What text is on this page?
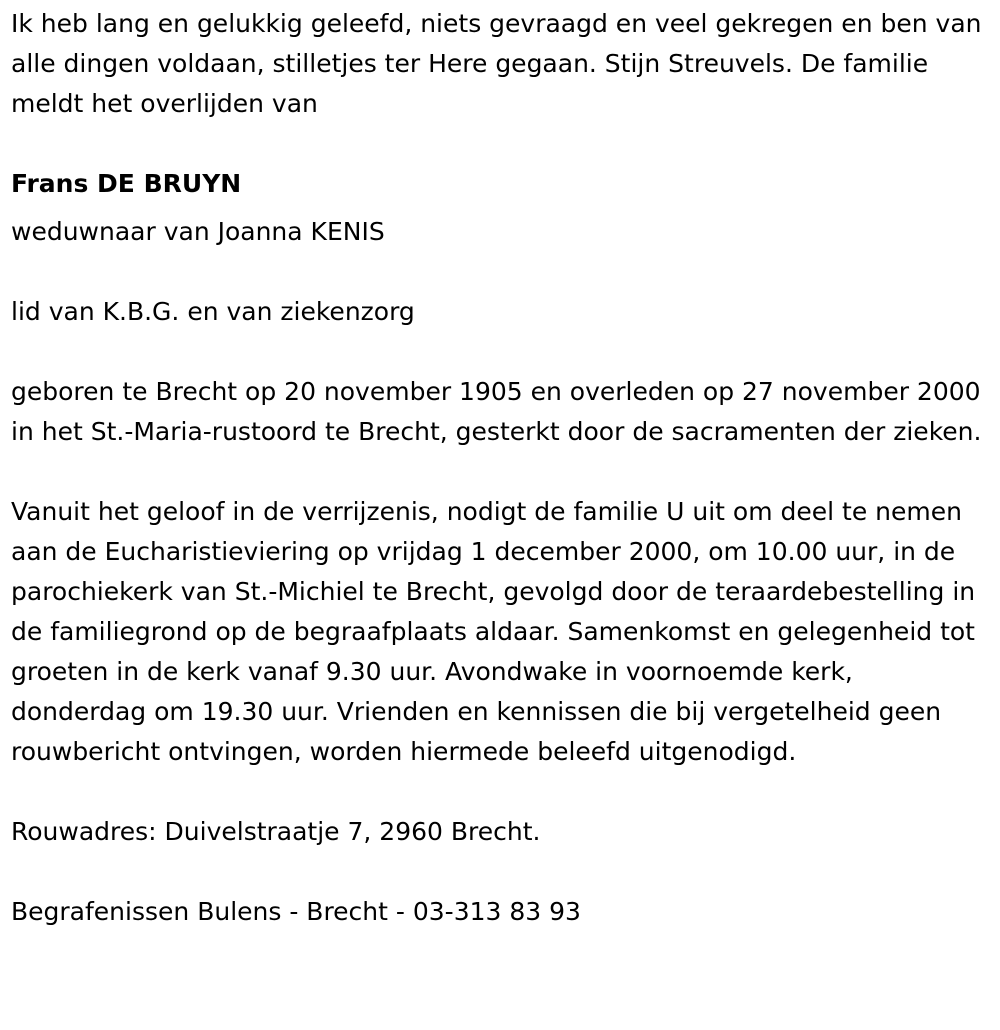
Ik heb lang en gelukkig geleefd, niets gevraagd en veel gekregen en ben van alle dingen voldaan, stilletjes ter Here gegaan. Stijn Streuvels. De familie meldt het overlijden van

Frans DE BRUYN

weduwnaar van Joanna KENIS

lid van K.B.G. en van ziekenzorg

geboren te Brecht op 20 november 1905 en overleden op 27 november 2000 in het St.-Maria-rustoord te Brecht, gesterkt door de sacramenten der zieken.

Vanuit het geloof in de verrijzenis, nodigt de familie U uit om deel te nemen aan de Eucharistieviering op vrijdag 1 december 2000, om 10.00 uur, in de parochiekerk van St.-Michiel te Brecht, gevolgd door de teraardebestelling in de familiegrond op de begraafplaats aldaar. Samenkomst en gelegenheid tot groeten in de kerk vanaf 9.30 uur. Avondwake in voornoemde kerk, donderdag om 19.30 uur. Vrienden en kennissen die bij vergetelheid geen rouwbericht ontvingen, worden hiermede beleefd uitgenodigd.

Rouwadres: Duivelstraatje 7, 2960 Brecht.

Begrafenissen Bulens - Brecht - 03-313 83 93
